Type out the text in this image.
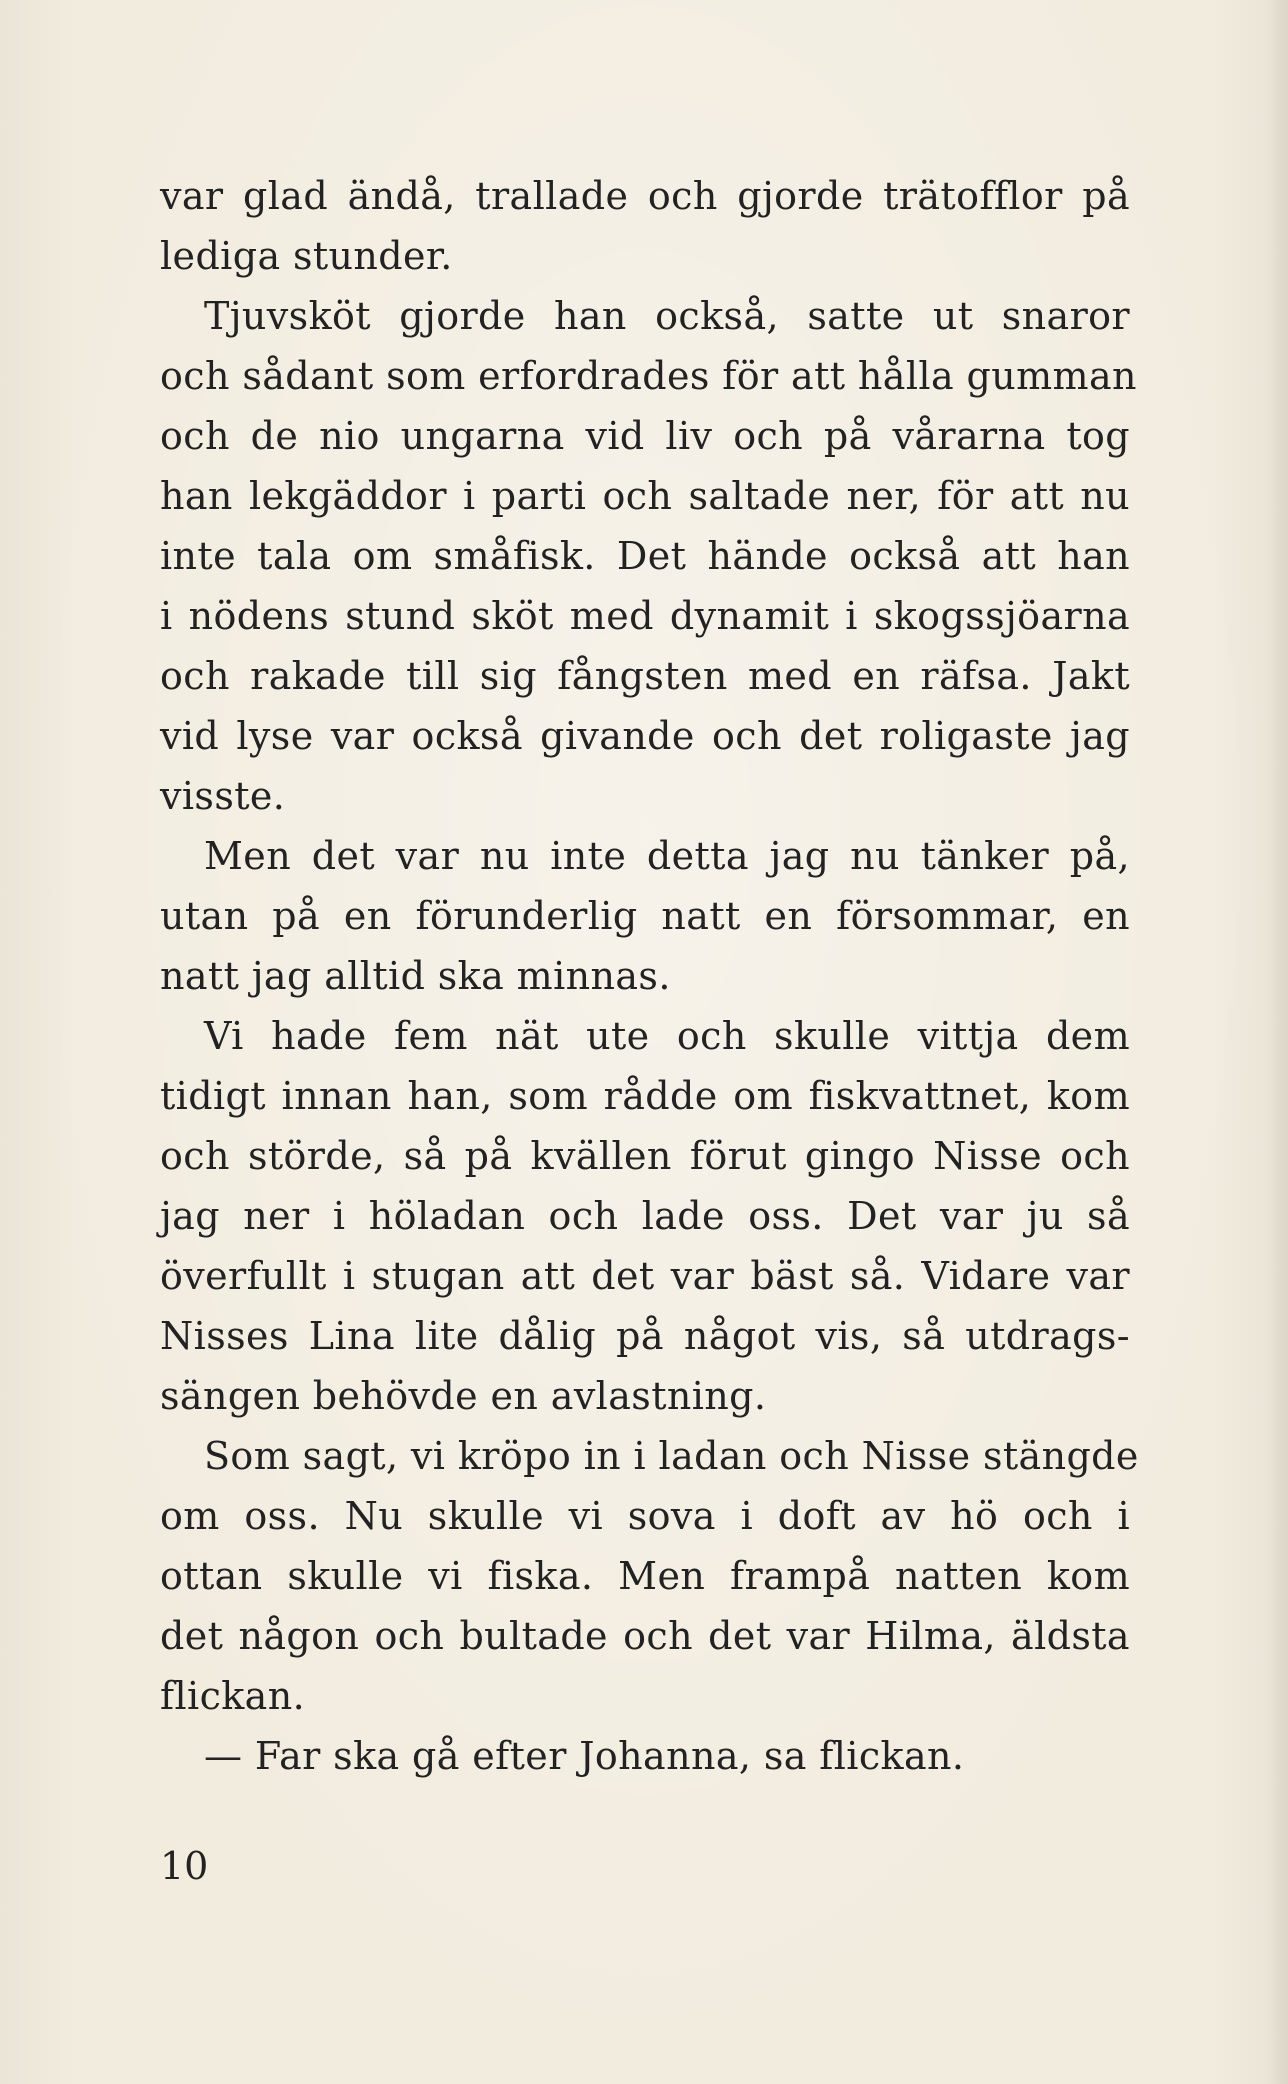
var glad ändå, trallade och gjorde trätofflor på
lediga stunder.
Tjuvsköt gjorde han också, satte ut snaror
och sådant som erfordrades för att hålla gumman
och de nio ungarna vid liv och på vårarna tog
han lekgäddor i parti och saltade ner, för att nu
inte tala om småfisk. Det hände också att han
i nödens stund sköt med dynamit i skogssjöarna
och rakade till sig fångsten med en räfsa. Jakt
vid lyse var också givande och det roligaste jag
visste.
Men det var nu inte detta jag nu tänker på,
utan på en förunderlig natt en försommar, en
natt jag alltid ska minnas.
Vi hade fem nät ute och skulle vittja dem
tidigt innan han, som rådde om fiskvattnet, kom
och störde, så på kvällen förut gingo Nisse och
jag ner i höladan och lade oss. Det var ju så
överfullt i stugan att det var bäst så. Vidare var
Nisses Lina lite dålig på något vis, så utdrags-
sängen behövde en avlastning.
Som sagt, vi kröpo in i ladan och Nisse stängde
om oss. Nu skulle vi sova i doft av hö och i
ottan skulle vi fiska. Men frampå natten kom
det någon och bultade och det var Hilma, äldsta
flickan.
— Far ska gå efter Johanna, sa flickan.
10
